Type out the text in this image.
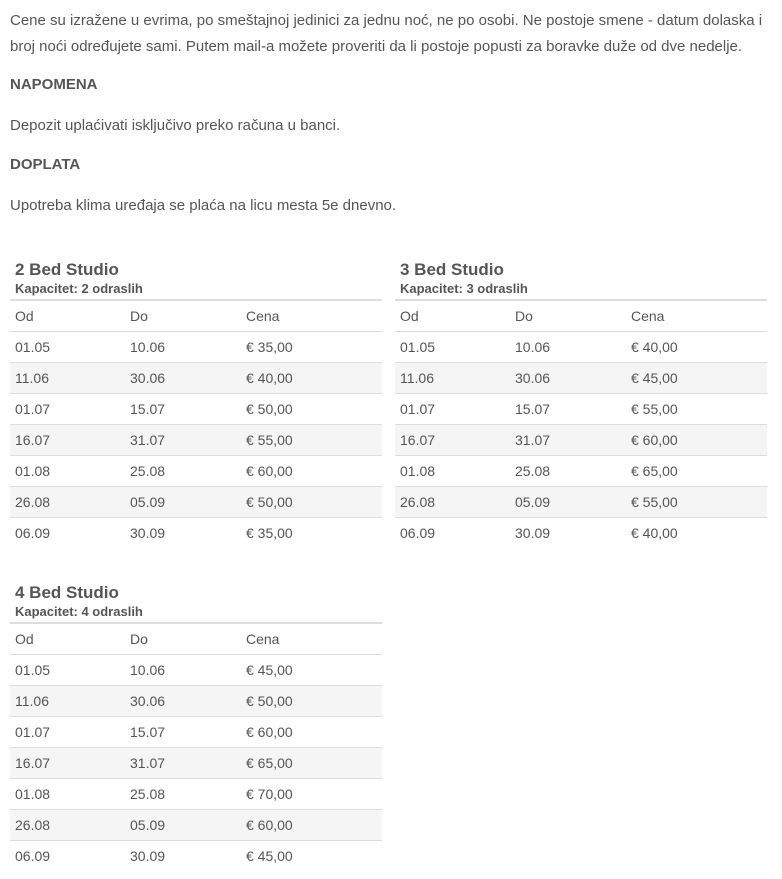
Cene su izražene u evrima, po smeštajnoj jedinici za jednu noć, ne po osobi. Ne postoje smene - datum dolaska i broj noći određujete sami. Putem mail-a možete proveriti da li postoje popusti za boravke duže od dve nedelje.

NAPOMENA

Depozit uplaćivati isključivo preko računa u banci.

DOPLATA

Upotreba klima uređaja se plaća na licu mesta 5e dnevno.

2 Bed Studio
Kapacitet: 2 odraslih
Od	Do	Cena
01.05	10.06	€ 35,00
11.06	30.06	€ 40,00
01.07	15.07	€ 50,00
16.07	31.07	€ 55,00
01.08	25.08	€ 60,00
26.08	05.09	€ 50,00
06.09	30.09	€ 35,00
3 Bed Studio
Kapacitet: 3 odraslih
Od	Do	Cena
01.05	10.06	€ 40,00
11.06	30.06	€ 45,00
01.07	15.07	€ 55,00
16.07	31.07	€ 60,00
01.08	25.08	€ 65,00
26.08	05.09	€ 55,00
06.09	30.09	€ 40,00
4 Bed Studio
Kapacitet: 4 odraslih
Od	Do	Cena
01.05	10.06	€ 45,00
11.06	30.06	€ 50,00
01.07	15.07	€ 60,00
16.07	31.07	€ 65,00
01.08	25.08	€ 70,00
26.08	05.09	€ 60,00
06.09	30.09	€ 45,00
